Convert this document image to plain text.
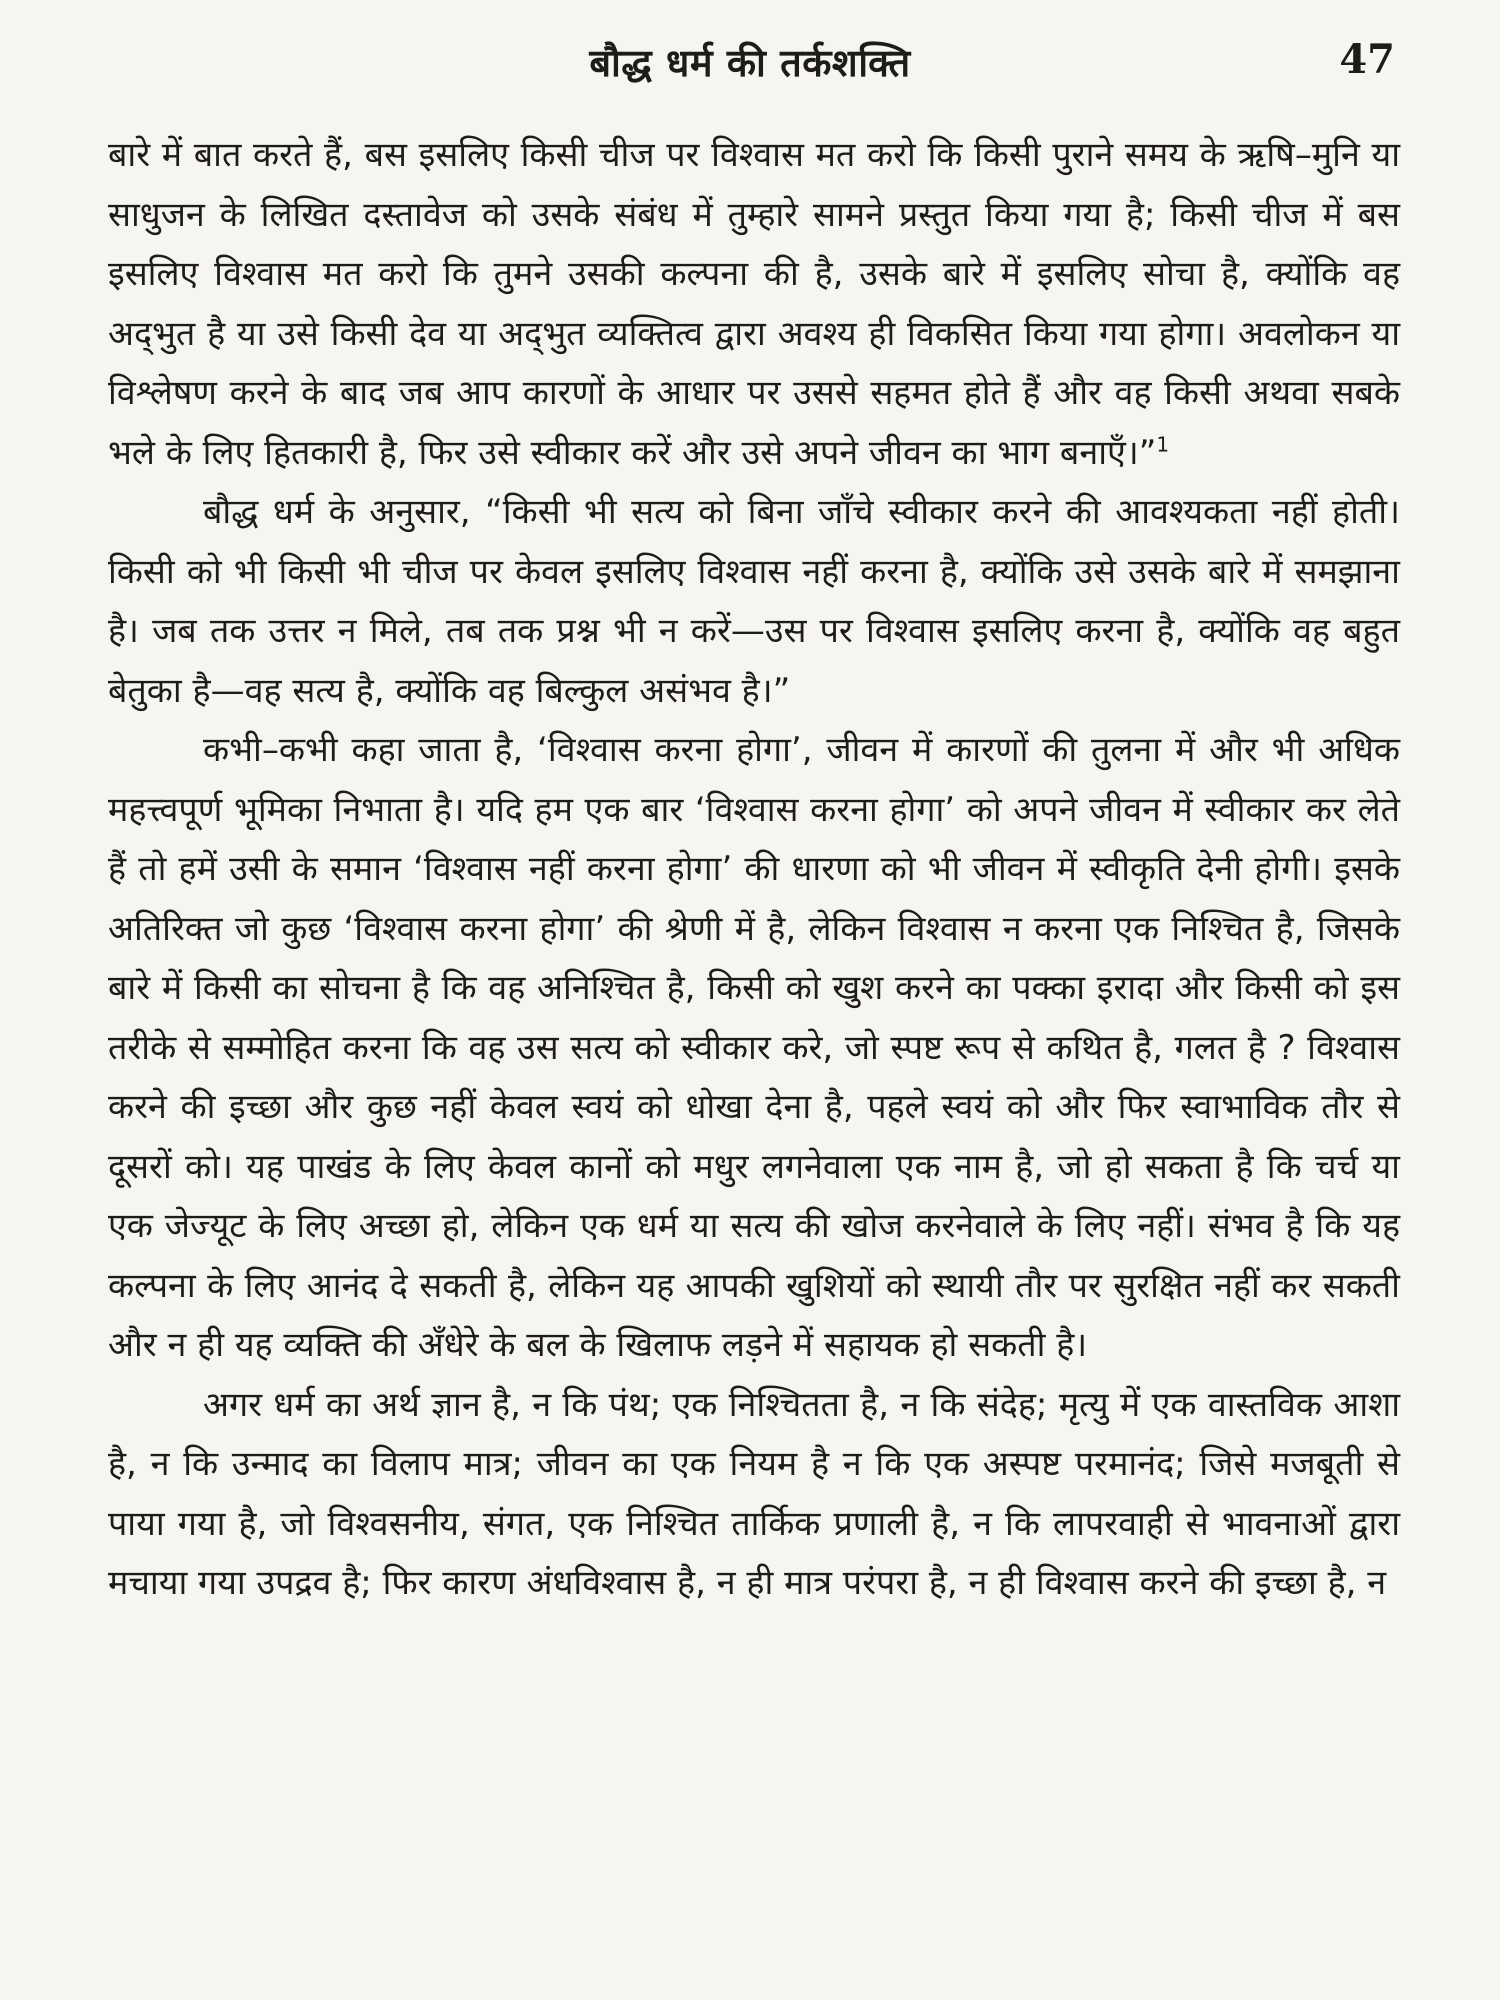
बौद्ध धर्म की तर्कशक्ति	47

बारे में बात करते हैं, बस इसलिए किसी चीज पर विश्वास मत करो कि किसी पुराने समय के ऋषि–मुनि या साधुजन के लिखित दस्तावेज को उसके संबंध में तुम्हारे सामने प्रस्तुत किया गया है; किसी चीज में बस इसलिए विश्वास मत करो कि तुमने उसकी कल्पना की है, उसके बारे में इसलिए सोचा है, क्योंकि वह अद्‌भुत है या उसे किसी देव या अद्‌भुत व्यक्तित्व द्वारा अवश्य ही विकसित किया गया होगा। अवलोकन या विश्लेषण करने के बाद जब आप कारणों के आधार पर उससे सहमत होते हैं और वह किसी अथवा सबके भले के लिए हितकारी है, फिर उसे स्वीकार करें और उसे अपने जीवन का भाग बनाएँ।”$^1$

बौद्ध धर्म के अनुसार, “किसी भी सत्य को बिना जाँचे स्वीकार करने की आवश्यकता नहीं होती। किसी को भी किसी भी चीज पर केवल इसलिए विश्वास नहीं करना है, क्योंकि उसे उसके बारे में समझाना है। जब तक उत्तर न मिले, तब तक प्रश्न भी न करें—उस पर विश्वास इसलिए करना है, क्योंकि वह बहुत बेतुका है—वह सत्य है, क्योंकि वह बिल्कुल असंभव है।”

कभी–कभी कहा जाता है, ‘विश्वास करना होगा’, जीवन में कारणों की तुलना में और भी अधिक महत्त्वपूर्ण भूमिका निभाता है। यदि हम एक बार ‘विश्वास करना होगा’ को अपने जीवन में स्वीकार कर लेते हैं तो हमें उसी के समान ‘विश्वास नहीं करना होगा’ की धारणा को भी जीवन में स्वीकृति देनी होगी। इसके अतिरिक्त जो कुछ ‘विश्वास करना होगा’ की श्रेणी में है, लेकिन विश्वास न करना एक निश्चित है, जिसके बारे में किसी का सोचना है कि वह अनिश्चित है, किसी को खुश करने का पक्का इरादा और किसी को इस तरीके से सम्मोहित करना कि वह उस सत्य को स्वीकार करे, जो स्पष्ट रूप से कथित है, गलत है ? विश्वास करने की इच्छा और कुछ नहीं केवल स्वयं को धोखा देना है, पहले स्वयं को और फिर स्वाभाविक तौर से दूसरों को। यह पाखंड के लिए केवल कानों को मधुर लगनेवाला एक नाम है, जो हो सकता है कि चर्च या एक जेज्यूट के लिए अच्छा हो, लेकिन एक धर्म या सत्य की खोज करनेवाले के लिए नहीं। संभव है कि यह कल्पना के लिए आनंद दे सकती है, लेकिन यह आपकी खुशियों को स्थायी तौर पर सुरक्षित नहीं कर सकती और न ही यह व्यक्ति की अँधेरे के बल के खिलाफ लड़ने में सहायक हो सकती है।

अगर धर्म का अर्थ ज्ञान है, न कि पंथ; एक निश्चितता है, न कि संदेह; मृत्यु में एक वास्तविक आशा है, न कि उन्माद का विलाप मात्र; जीवन का एक नियम है न कि एक अस्पष्ट परमानंद; जिसे मजबूती से पाया गया है, जो विश्वसनीय, संगत, एक निश्चित तार्किक प्रणाली है, न कि लापरवाही से भावनाओं द्वारा मचाया गया उपद्रव है; फिर कारण अंधविश्वास है, न ही मात्र परंपरा है, न ही विश्वास करने की इच्छा है, न
